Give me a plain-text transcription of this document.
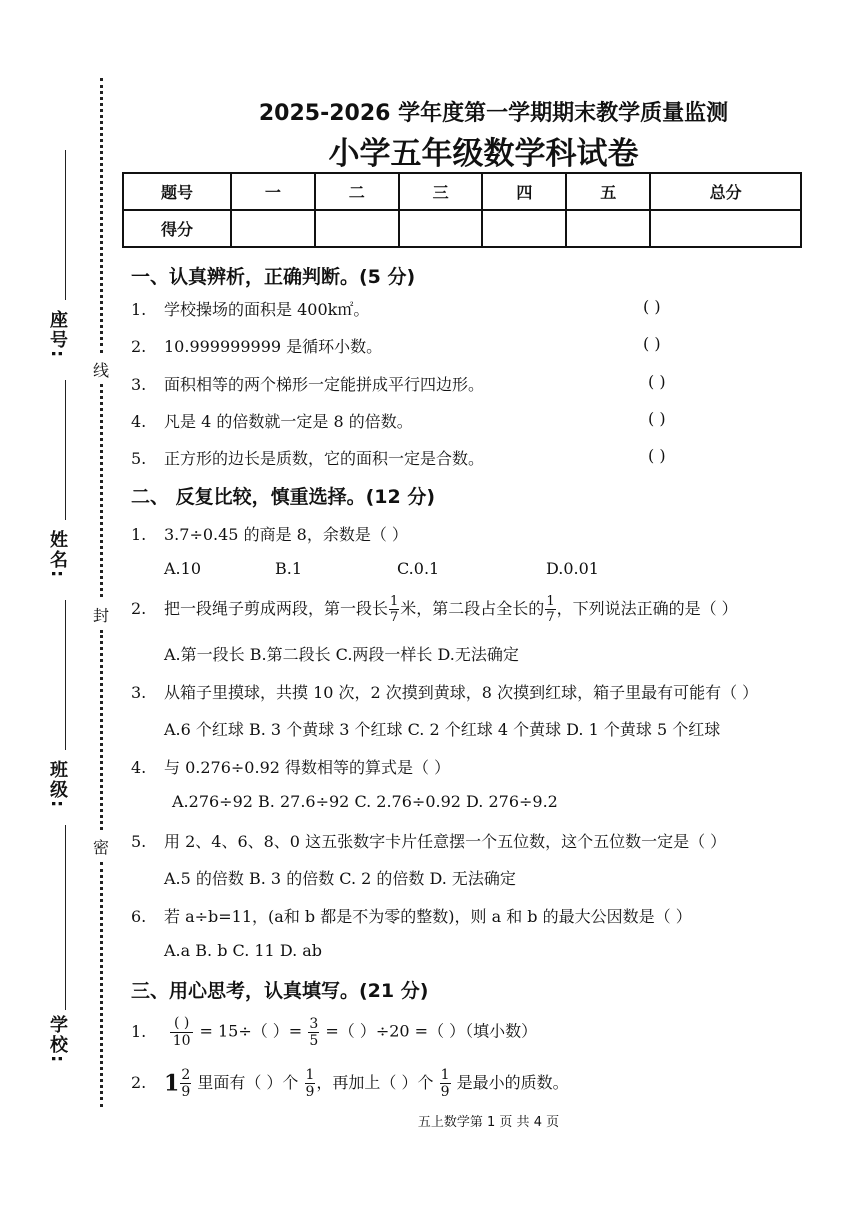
座号:
姓名:
班级:
学校:
线
封
密
2025-2026 学年度第一学期期末教学质量监测
小学五年级数学科试卷
题号	一	二	三	四	五	总分
得分						
一、认真辨析，正确判断。(5 分)
1. 学校操场的面积是 400k㎡。	( )
2. 10.999999999 是循环小数。	( )
3. 面积相等的两个梯形一定能拼成平行四边形。	( )
4. 凡是 4 的倍数就一定是 8 的倍数。	( )
5. 正方形的边长是质数，它的面积一定是合数。	( )
二、 反复比较，慎重选择。(12 分)
1. 3.7÷0.45 的商是 8，余数是（ ）
A.10	B.1	C.0.1	D.0.01
2. 把一段绳子剪成两段，第一段长 $\frac{1}{7}$ 米，第二段占全长的 $\frac{1}{7}$ ，下列说法正确的是（ ）
A.第一段长 B.第二段长 C.两段一样长 D.无法确定
3. 从箱子里摸球，共摸 10 次，2 次摸到黄球，8 次摸到红球，箱子里最有可能有（ ）
A.6 个红球 B. 3 个黄球 3 个红球 C. 2 个红球 4 个黄球 D. 1 个黄球 5 个红球
4. 与 0.276÷0.92 得数相等的算式是（ ）
A.276÷92 B. 27.6÷92 C. 2.76÷0.92 D. 276÷9.2
5. 用 2、4、6、8、0 这五张数字卡片任意摆一个五位数，这个五位数一定是（ ）
A.5 的倍数 B. 3 的倍数 C. 2 的倍数 D. 无法确定
6. 若 a÷b=11，(a和 b 都是不为零的整数)，则 a 和 b 的最大公因数是（ ）
A.a B. b C. 11 D. ab
三、用心思考，认真填写。(21 分)
1. $\frac{( )}{10} = 15\div$（ ）= $\frac{3}{5}$ =（ ）÷20 =（ ）（填小数）
2. $1 \frac{2}{9}$ 里面有（ ）个 $\frac{1}{9}$ ，再加上（ ）个 $\frac{1}{9}$ 是最小的质数。
五上数学第 1 页 共 4 页
